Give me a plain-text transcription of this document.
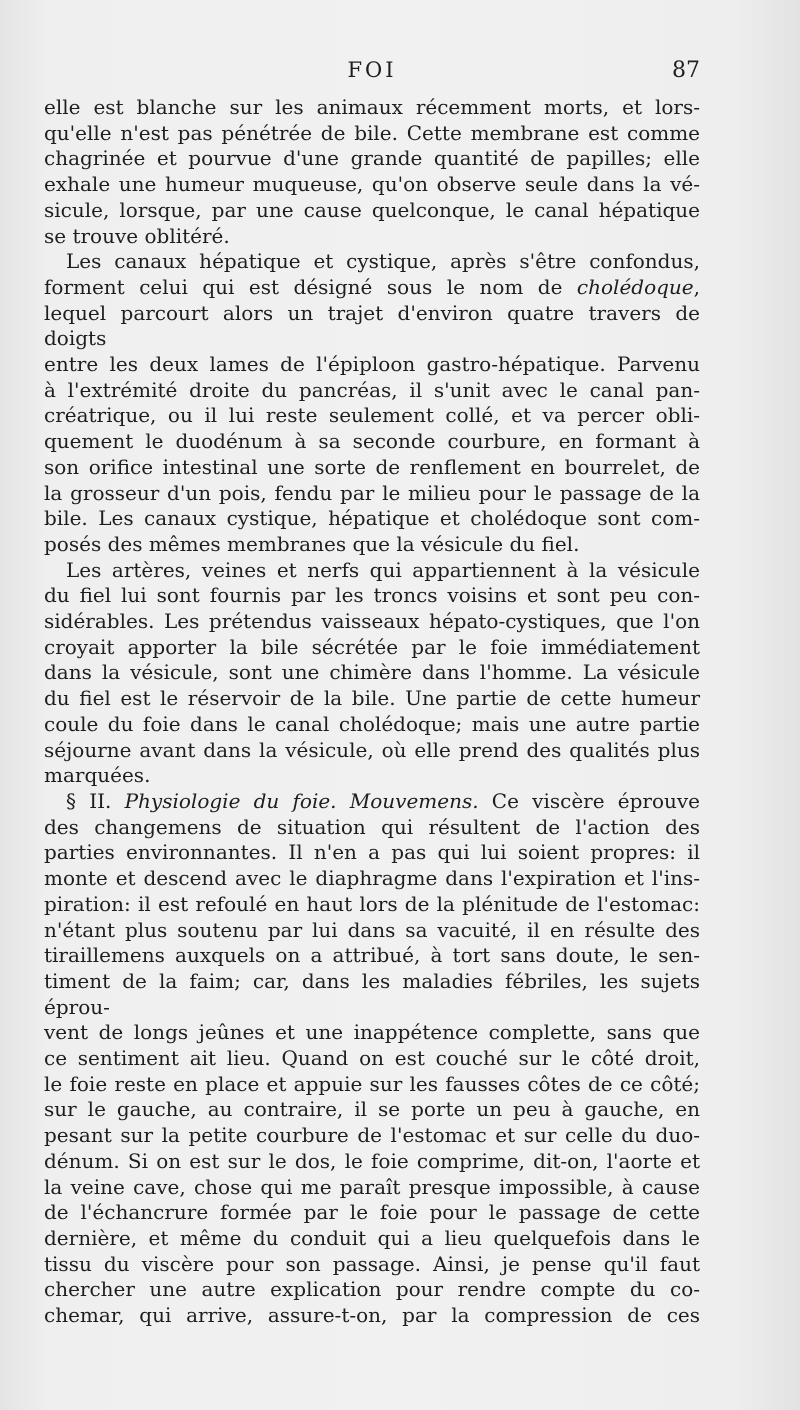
FOI	87

elle est blanche sur les animaux récemment morts, et lors-

qu'elle n'est pas pénétrée de bile. Cette membrane est comme

chagrinée et pourvue d'une grande quantité de papilles; elle

exhale une humeur muqueuse, qu'on observe seule dans la vé-

sicule, lorsque, par une cause quelconque, le canal hépatique

se trouve oblitéré.

Les canaux hépatique et cystique, après s'être confondus,

forment celui qui est désigné sous le nom de cholédoque,

lequel parcourt alors un trajet d'environ quatre travers de doigts

entre les deux lames de l'épiploon gastro-hépatique. Parvenu

à l'extrémité droite du pancréas, il s'unit avec le canal pan-

créatrique, ou il lui reste seulement collé, et va percer obli-

quement le duodénum à sa seconde courbure, en formant à

son orifice intestinal une sorte de renflement en bourrelet, de

la grosseur d'un pois, fendu par le milieu pour le passage de la

bile. Les canaux cystique, hépatique et cholédoque sont com-

posés des mêmes membranes que la vésicule du fiel.

Les artères, veines et nerfs qui appartiennent à la vésicule

du fiel lui sont fournis par les troncs voisins et sont peu con-

sidérables. Les prétendus vaisseaux hépato-cystiques, que l'on

croyait apporter la bile sécrétée par le foie immédiatement

dans la vésicule, sont une chimère dans l'homme. La vésicule

du fiel est le réservoir de la bile. Une partie de cette humeur

coule du foie dans le canal cholédoque; mais une autre partie

séjourne avant dans la vésicule, où elle prend des qualités plus

marquées.

§ II. Physiologie du foie. Mouvemens. Ce viscère éprouve

des changemens de situation qui résultent de l'action des

parties environnantes. Il n'en a pas qui lui soient propres: il

monte et descend avec le diaphragme dans l'expiration et l'ins-

piration: il est refoulé en haut lors de la plénitude de l'estomac:

n'étant plus soutenu par lui dans sa vacuité, il en résulte des

tiraillemens auxquels on a attribué, à tort sans doute, le sen-

timent de la faim; car, dans les maladies fébriles, les sujets éprou-

vent de longs jeûnes et une inappétence complette, sans que

ce sentiment ait lieu. Quand on est couché sur le côté droit,

le foie reste en place et appuie sur les fausses côtes de ce côté;

sur le gauche, au contraire, il se porte un peu à gauche, en

pesant sur la petite courbure de l'estomac et sur celle du duo-

dénum. Si on est sur le dos, le foie comprime, dit-on, l'aorte et

la veine cave, chose qui me paraît presque impossible, à cause

de l'échancrure formée par le foie pour le passage de cette

dernière, et même du conduit qui a lieu quelquefois dans le

tissu du viscère pour son passage. Ainsi, je pense qu'il faut

chercher une autre explication pour rendre compte du co-

chemar, qui arrive, assure-t-on, par la compression de ces
